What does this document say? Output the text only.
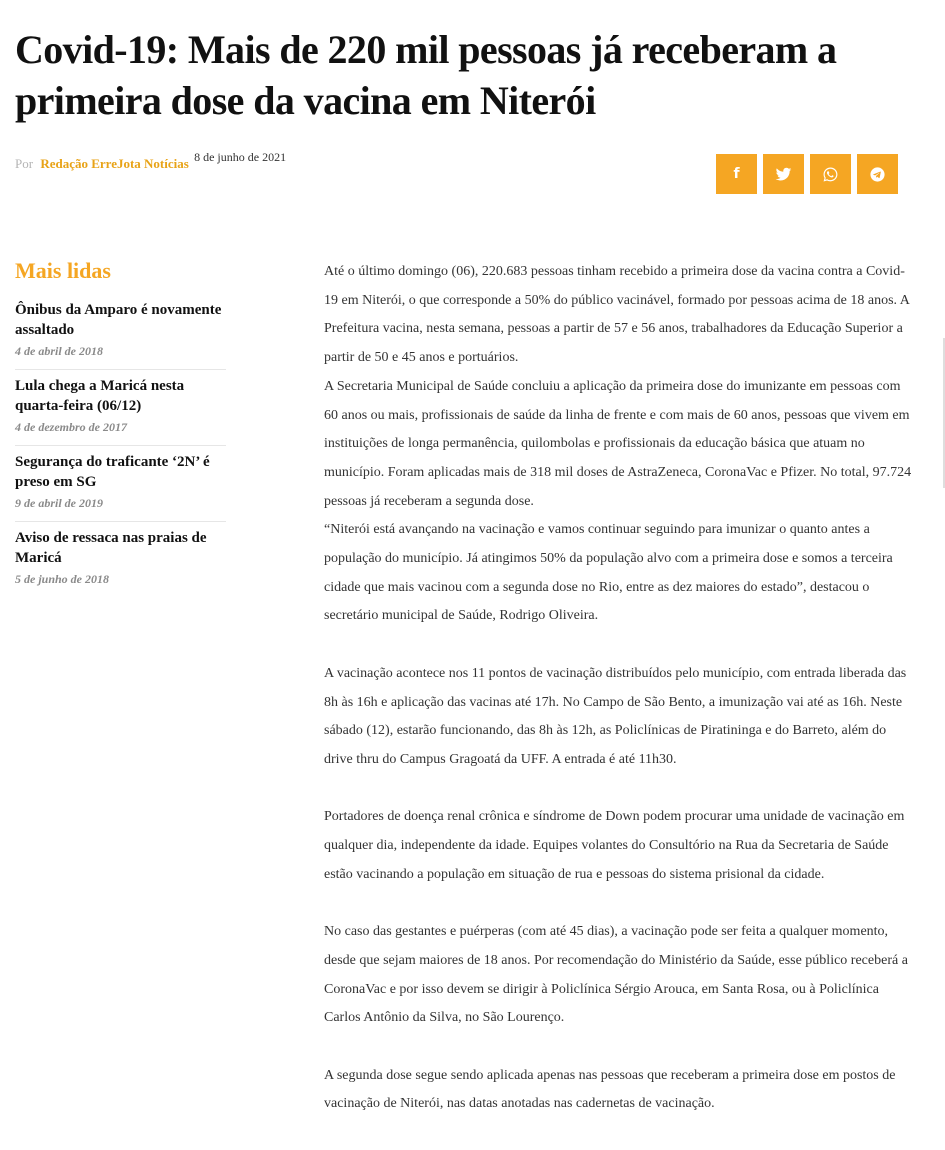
Covid-19: Mais de 220 mil pessoas já receberam a primeira dose da vacina em Niterói
Por Redação ErreJota Notícias 8 de junho de 2021
f
Mais lidas
Ônibus da Amparo é novamente assaltado
4 de abril de 2018
Lula chega a Maricá nesta quarta-feira (06/12)
4 de dezembro de 2017
Segurança do traficante ‘2N’ é preso em SG
9 de abril de 2019
Aviso de ressaca nas praias de Maricá
5 de junho de 2018

Até o último domingo (06), 220.683 pessoas tinham recebido a primeira dose da vacina contra a Covid-19 em Niterói, o que corresponde a 50% do público vacinável, formado por pessoas acima de 18 anos. A Prefeitura vacina, nesta semana, pessoas a partir de 57 e 56 anos, trabalhadores da Educação Superior a partir de 50 e 45 anos e portuários.

A Secretaria Municipal de Saúde concluiu a aplicação da primeira dose do imunizante em pessoas com 60 anos ou mais, profissionais de saúde da linha de frente e com mais de 60 anos, pessoas que vivem em instituições de longa permanência, quilombolas e profissionais da educação básica que atuam no município. Foram aplicadas mais de 318 mil doses de AstraZeneca, CoronaVac e Pfizer. No total, 97.724 pessoas já receberam a segunda dose.

“Niterói está avançando na vacinação e vamos continuar seguindo para imunizar o quanto antes a população do município. Já atingimos 50% da população alvo com a primeira dose e somos a terceira cidade que mais vacinou com a segunda dose no Rio, entre as dez maiores do estado”, destacou o secretário municipal de Saúde, Rodrigo Oliveira.

A vacinação acontece nos 11 pontos de vacinação distribuídos pelo município, com entrada liberada das 8h às 16h e aplicação das vacinas até 17h. No Campo de São Bento, a imunização vai até as 16h. Neste sábado (12), estarão funcionando, das 8h às 12h, as Policlínicas de Piratininga e do Barreto, além do drive thru do Campus Gragoatá da UFF. A entrada é até 11h30.

Portadores de doença renal crônica e síndrome de Down podem procurar uma unidade de vacinação em qualquer dia, independente da idade. Equipes volantes do Consultório na Rua da Secretaria de Saúde estão vacinando a população em situação de rua e pessoas do sistema prisional da cidade.

No caso das gestantes e puérperas (com até 45 dias), a vacinação pode ser feita a qualquer momento, desde que sejam maiores de 18 anos. Por recomendação do Ministério da Saúde, esse público receberá a CoronaVac e por isso devem se dirigir à Policlínica Sérgio Arouca, em Santa Rosa, ou à Policlínica Carlos Antônio da Silva, no São Lourenço.

A segunda dose segue sendo aplicada apenas nas pessoas que receberam a primeira dose em postos de vacinação de Niterói, nas datas anotadas nas cadernetas de vacinação.
